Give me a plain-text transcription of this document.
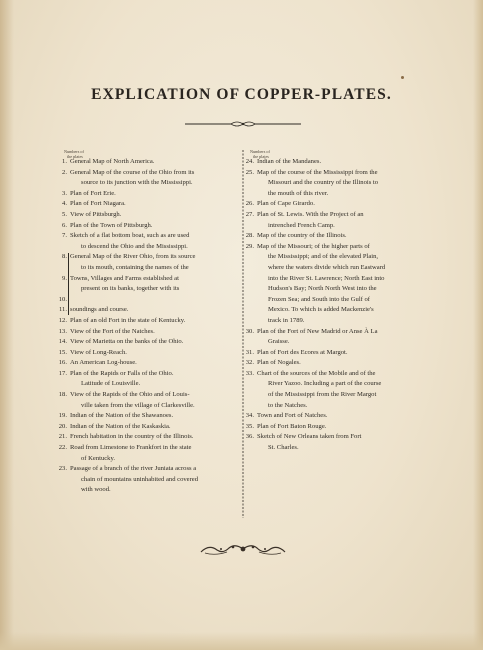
EXPLICATION OF COPPER-PLATES.
Numbers of
the plates
Numbers of
the plates
1. General Map of North America.
2. General Map of the course of the Ohio from its
source to its junction with the Mississippi.
3. Plan of Fort Erie.
4. Plan of Fort Niagara.
5. View of Pittsburgh.
6. Plan of the Town of Pittsburgh.
7. Sketch of a flat bottom boat, such as are used
to descend the Ohio and the Mississippi.
8. General Map of the River Ohio, from its source
to its mouth, containing the names of the
9. Towns, Villages and Farms established at
present on its banks, together with its
10.

11. soundings and course.
12. Plan of an old Fort in the state of Kentucky.
13. View of the Fort of the Natches.
14. View of Marietta on the banks of the Ohio.
15. View of Long-Reach.
16. An American Log-house.
17. Plan of the Rapids or Falls of the Ohio.
Latitude of Louisville.
18. View of the Rapids of the Ohio and of Louis-
ville taken from the village of Clarkesville.
19. Indian of the Nation of the Shawanoes.
20. Indian of the Nation of the Kaskaskia.
21. French habitation in the country of the Illinois.
22. Road from Limestone to Frankfort in the state
of Kentucky.
23. Passage of a branch of the river Juniata across a
chain of mountains uninhabited and covered
with wood.
24. Indian of the Mandanes.
25. Map of the course of the Mississippi from the
Missouri and the country of the Illinois to
the mouth of this river.
26. Plan of Cape Girardo.
27. Plan of St. Lewis. With the Project of an
intrenched French Camp.
28. Map of the country of the Illinois.
29. Map of the Missouri; of the higher parts of
the Mississippi; and of the elevated Plain,
where the waters divide which run Eastward
into the River St. Lawrence; North East into
Hudson's Bay; North North West into the
Frozen Sea; and South into the Gulf of
Mexico. To which is added Mackenzie's
track in 1789.
30. Plan of the Fort of New Madrid or Anse À La
Graisse.
31. Plan of Fort des Ecores at Margot.
32. Plan of Nogales.
33. Chart of the sources of the Mobile and of the
River Yazoo. Including a part of the course
of the Mississippi from the River Margot
to the Natches.
34. Town and Fort of Natches.
35. Plan of Fort Baton Rouge.
36. Sketch of New Orleans taken from Fort
St. Charles.
